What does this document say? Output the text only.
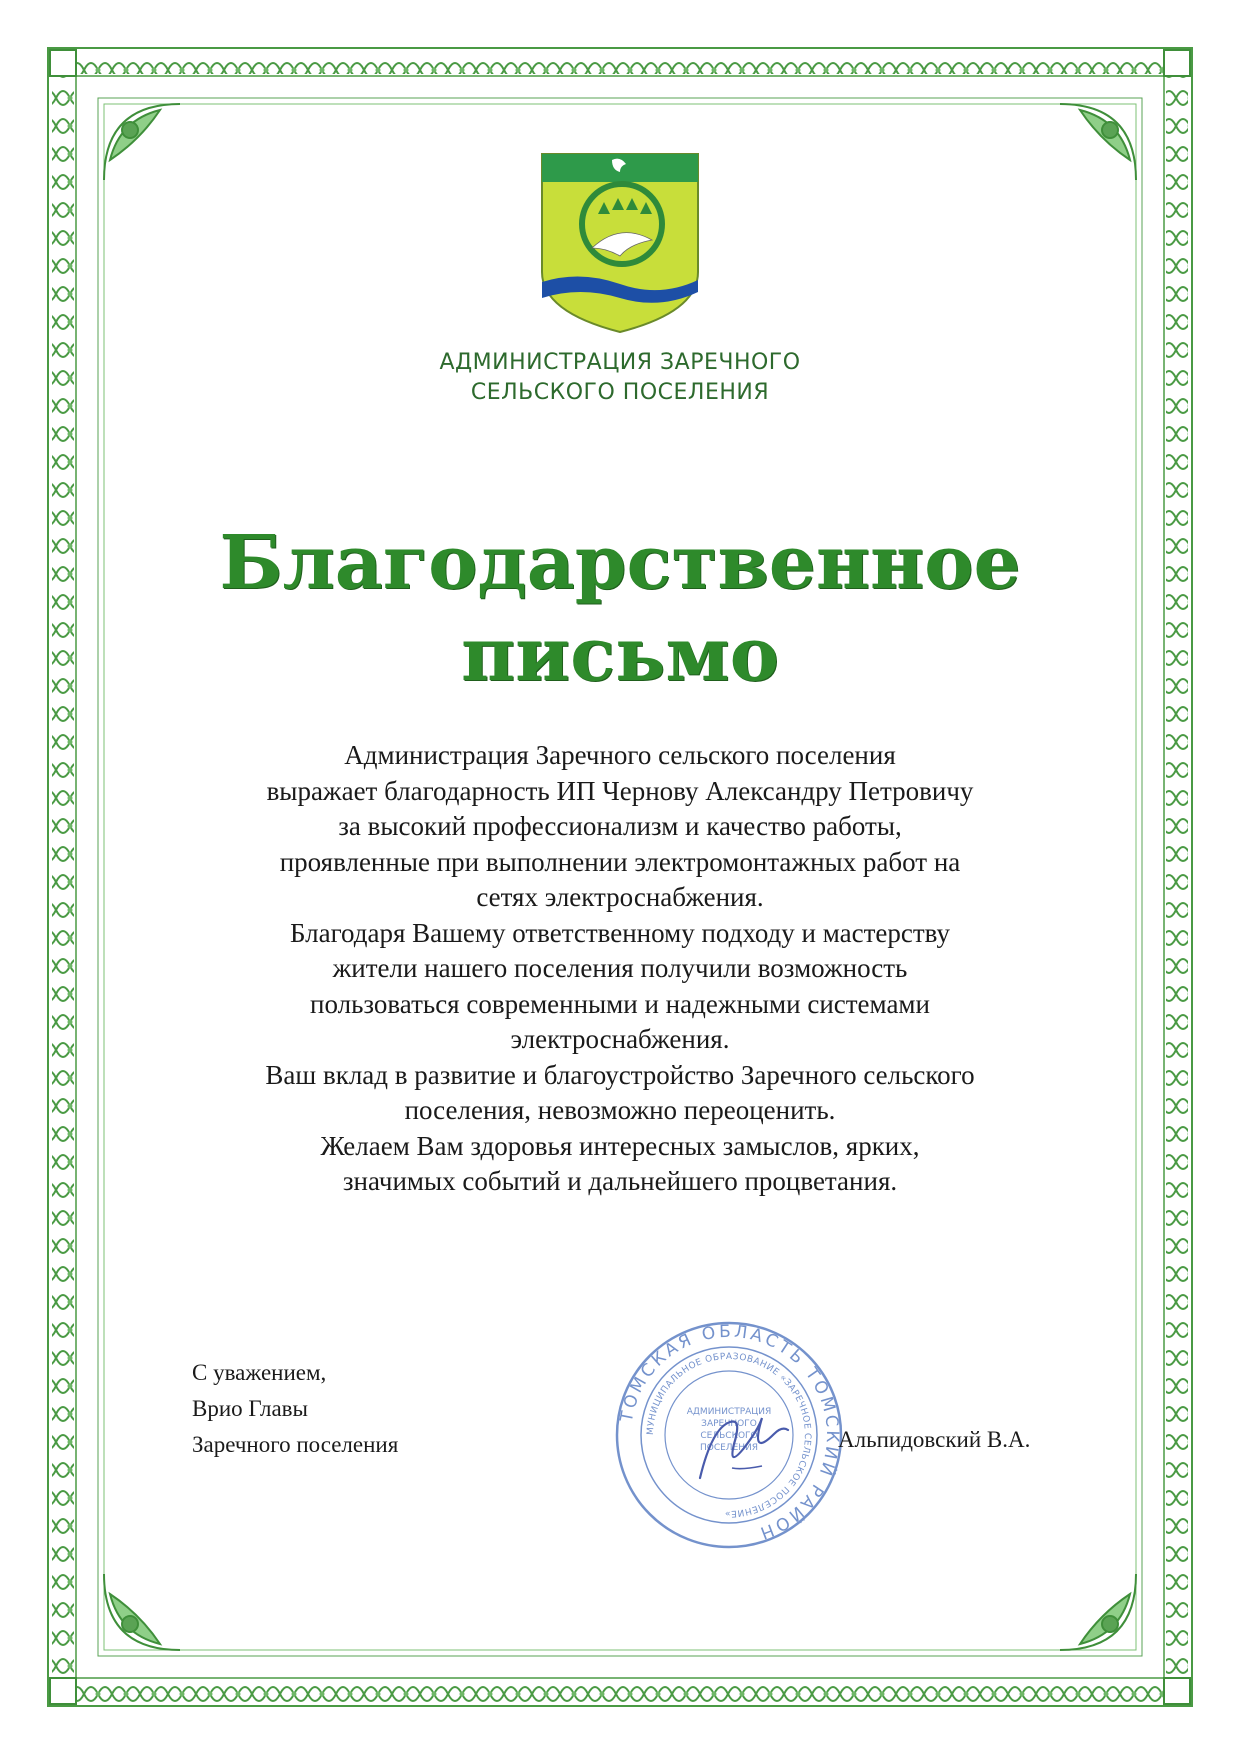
АДМИНИСТРАЦИЯ ЗАРЕЧНОГО
СЕЛЬСКОГО ПОСЕЛЕНИЯ
Благодарственное
письмо
Администрация Заречного сельского поселения
выражает благодарность ИП Чернову Александру Петровичу
за высокий профессионализм и качество работы,
проявленные при выполнении электромонтажных работ на
сетях электроснабжения.
Благодаря Вашему ответственному подходу и мастерству
жители нашего поселения получили возможность
пользоваться современными и надежными системами
электроснабжения.
Ваш вклад в развитие и благоустройство Заречного сельского
поселения, невозможно переоценить.
Желаем Вам здоровья интересных замыслов, ярких,
значимых событий и дальнейшего процветания.
С уважением,
Врио Главы
Заречного поселения
ТОМСКАЯ ОБЛАСТЬ ТОМСКИЙ РАЙОН
МУНИЦИПАЛЬНОЕ ОБРАЗОВАНИЕ «ЗАРЕЧНОЕ СЕЛЬСКОЕ ПОСЕЛЕНИЕ»
АДМИНИСТРАЦИЯ ЗАРЕЧНОГО СЕЛЬСКОГО ПОСЕЛЕНИЯ	Альпидовский В.А.
